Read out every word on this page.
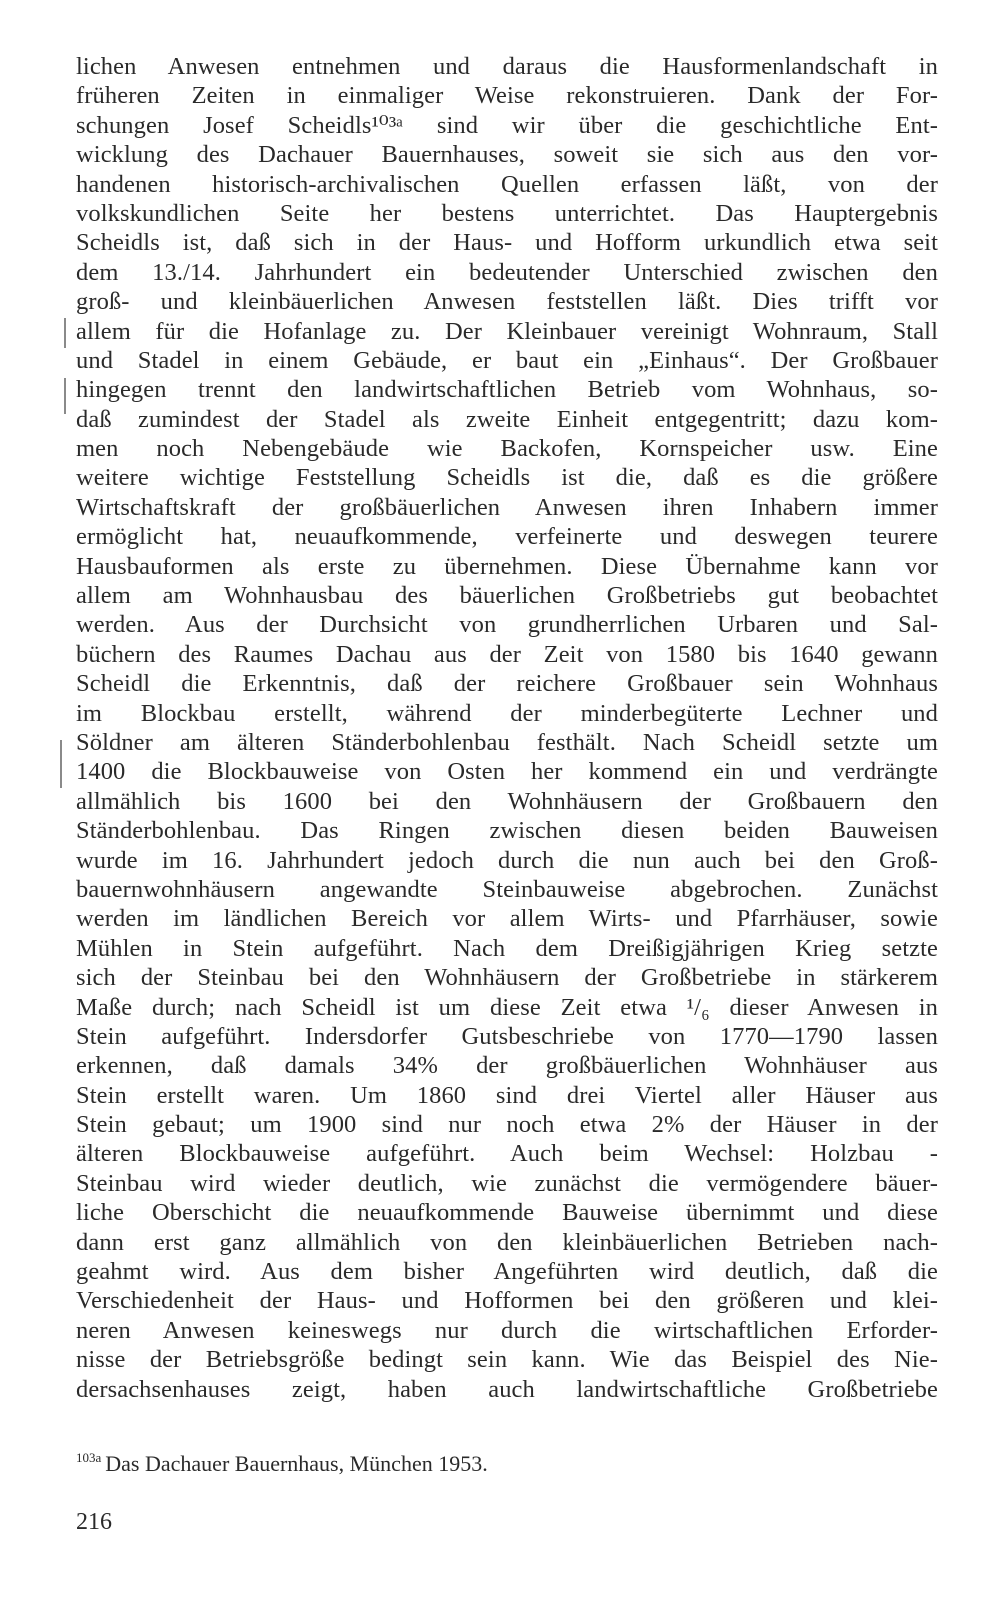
lichen Anwesen entnehmen und daraus die Hausformenlandschaft in
früheren Zeiten in einmaliger Weise rekonstruieren. Dank der For-
schungen Josef Scheidls¹⁰³ᵃ sind wir über die geschichtliche Ent-
wicklung des Dachauer Bauernhauses, soweit sie sich aus den vor-
handenen historisch-archivalischen Quellen erfassen läßt, von der
volkskundlichen Seite her bestens unterrichtet. Das Hauptergebnis
Scheidls ist, daß sich in der Haus- und Hofform urkundlich etwa seit
dem 13./14. Jahrhundert ein bedeutender Unterschied zwischen den
groß- und kleinbäuerlichen Anwesen feststellen läßt. Dies trifft vor
allem für die Hofanlage zu. Der Kleinbauer vereinigt Wohnraum, Stall
und Stadel in einem Gebäude, er baut ein „Einhaus“. Der Großbauer
hingegen trennt den landwirtschaftlichen Betrieb vom Wohnhaus, so-
daß zumindest der Stadel als zweite Einheit entgegentritt; dazu kom-
men noch Nebengebäude wie Backofen, Kornspeicher usw. Eine
weitere wichtige Feststellung Scheidls ist die, daß es die größere
Wirtschaftskraft der großbäuerlichen Anwesen ihren Inhabern immer
ermöglicht hat, neuaufkommende, verfeinerte und deswegen teurere
Hausbauformen als erste zu übernehmen. Diese Übernahme kann vor
allem am Wohnhausbau des bäuerlichen Großbetriebs gut beobachtet
werden. Aus der Durchsicht von grundherrlichen Urbaren und Sal-
büchern des Raumes Dachau aus der Zeit von 1580 bis 1640 gewann
Scheidl die Erkenntnis, daß der reichere Großbauer sein Wohnhaus
im Blockbau erstellt, während der minderbegüterte Lechner und
Söldner am älteren Ständerbohlenbau festhält. Nach Scheidl setzte um
1400 die Blockbauweise von Osten her kommend ein und verdrängte
allmählich bis 1600 bei den Wohnhäusern der Großbauern den
Ständerbohlenbau. Das Ringen zwischen diesen beiden Bauweisen
wurde im 16. Jahrhundert jedoch durch die nun auch bei den Groß-
bauernwohnhäusern angewandte Steinbauweise abgebrochen. Zunächst
werden im ländlichen Bereich vor allem Wirts- und Pfarrhäuser, sowie
Mühlen in Stein aufgeführt. Nach dem Dreißigjährigen Krieg setzte
sich der Steinbau bei den Wohnhäusern der Großbetriebe in stärkerem
Maße durch; nach Scheidl ist um diese Zeit etwa ¹/₆ dieser Anwesen in
Stein aufgeführt. Indersdorfer Gutsbeschriebe von 1770—1790 lassen
erkennen, daß damals 34% der großbäuerlichen Wohnhäuser aus
Stein erstellt waren. Um 1860 sind drei Viertel aller Häuser aus
Stein gebaut; um 1900 sind nur noch etwa 2% der Häuser in der
älteren Blockbauweise aufgeführt. Auch beim Wechsel: Holzbau -
Steinbau wird wieder deutlich, wie zunächst die vermögendere bäuer-
liche Oberschicht die neuaufkommende Bauweise übernimmt und diese
dann erst ganz allmählich von den kleinbäuerlichen Betrieben nach-
geahmt wird. Aus dem bisher Angeführten wird deutlich, daß die
Verschiedenheit der Haus- und Hofformen bei den größeren und klei-
neren Anwesen keineswegs nur durch die wirtschaftlichen Erforder-
nisse der Betriebsgröße bedingt sein kann. Wie das Beispiel des Nie-
dersachsenhauses zeigt, haben auch landwirtschaftliche Großbetriebe
$^{103a}$ Das Dachauer Bauernhaus, München 1953.
216
